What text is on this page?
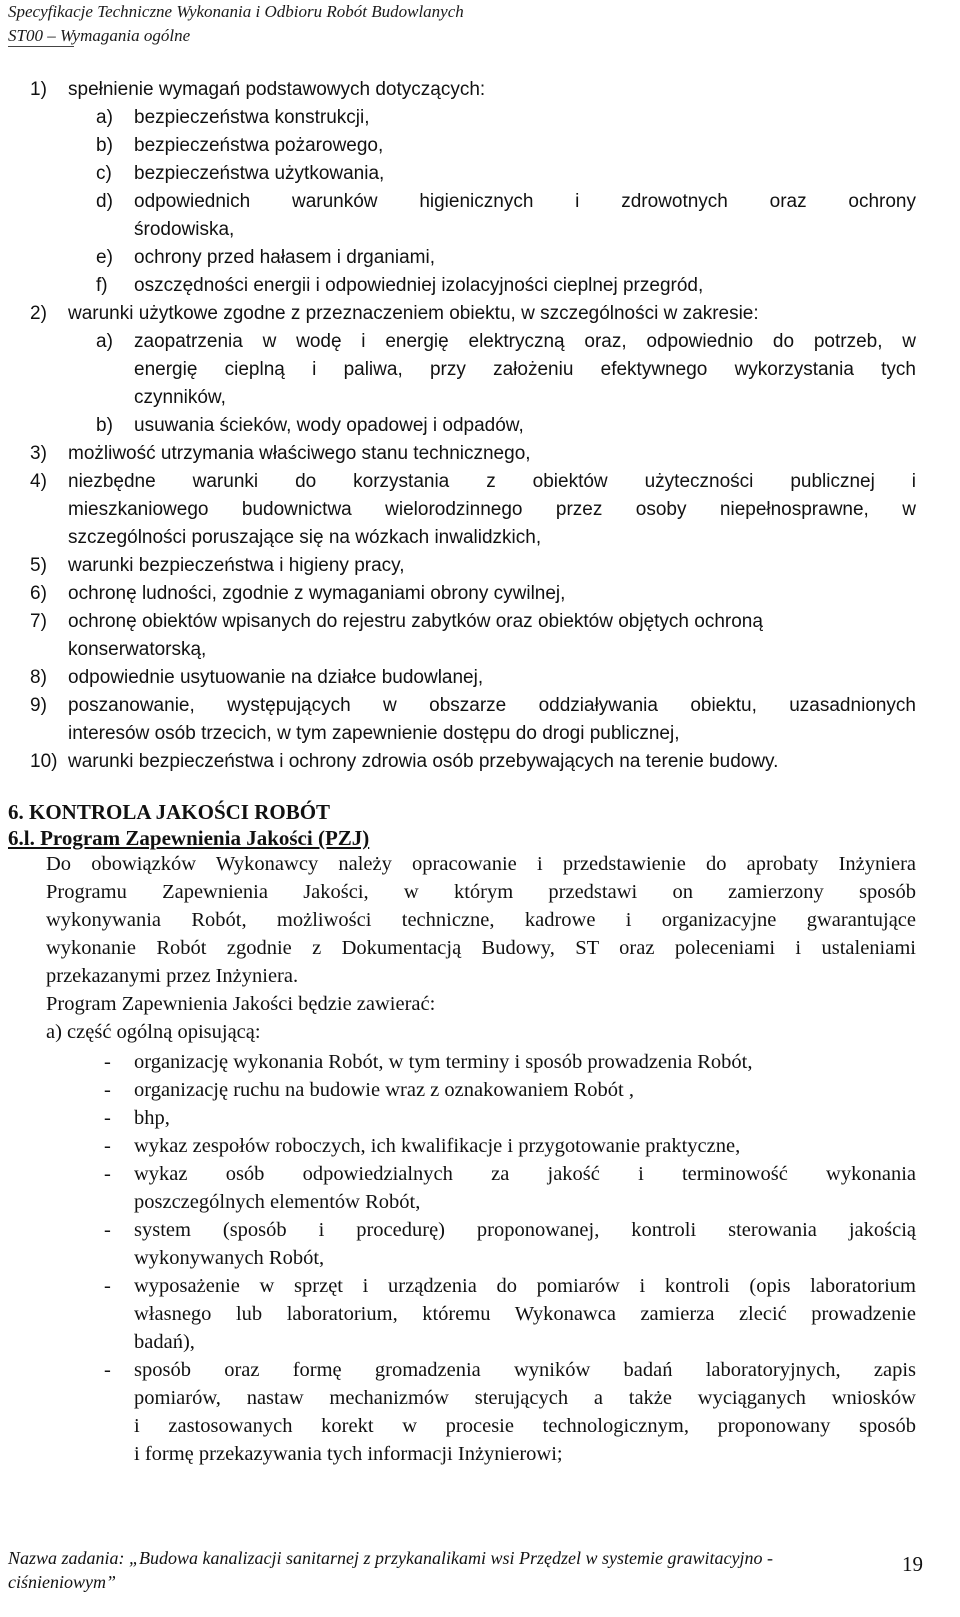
Specyfikacje Techniczne Wykonania i Odbioru Robót Budowlanych
ST00 – Wymagania ogólne
1) spełnienie wymagań podstawowych dotyczących:
a) bezpieczeństwa konstrukcji,
b) bezpieczeństwa pożarowego,
c) bezpieczeństwa użytkowania,
d) odpowiednich warunków higienicznych i zdrowotnych oraz ochrony
środowiska,
e) ochrony przed hałasem i drganiami,
f) oszczędności energii i odpowiedniej izolacyjności cieplnej przegród,
2) warunki użytkowe zgodne z przeznaczeniem obiektu, w szczególności w zakresie:
a) zaopatrzenia w wodę i energię elektryczną oraz, odpowiednio do potrzeb, w
energię cieplną i paliwa, przy założeniu efektywnego wykorzystania tych
czynników,
b) usuwania ścieków, wody opadowej i odpadów,
3) możliwość utrzymania właściwego stanu technicznego,
4) niezbędne warunki do korzystania z obiektów użyteczności publicznej i
mieszkaniowego budownictwa wielorodzinnego przez osoby niepełnosprawne, w
szczególności poruszające się na wózkach inwalidzkich,
5) warunki bezpieczeństwa i higieny pracy,
6) ochronę ludności, zgodnie z wymaganiami obrony cywilnej,
7) ochronę obiektów wpisanych do rejestru zabytków oraz obiektów objętych ochroną
konserwatorską,
8) odpowiednie usytuowanie na działce budowlanej,
9) poszanowanie, występujących w obszarze oddziaływania obiektu, uzasadnionych
interesów osób trzecich, w tym zapewnienie dostępu do drogi publicznej,
10) warunki bezpieczeństwa i ochrony zdrowia osób przebywających na terenie budowy.
6. KONTROLA JAKOŚCI ROBÓT
6.l. Program Zapewnienia Jakości (PZJ)
Do obowiązków Wykonawcy należy opracowanie i przedstawienie do aprobaty Inżyniera
Programu Zapewnienia Jakości, w którym przedstawi on zamierzony sposób
wykonywania Robót, możliwości techniczne, kadrowe i organizacyjne gwarantujące
wykonanie Robót zgodnie z Dokumentacją Budowy, ST oraz poleceniami i ustaleniami
przekazanymi przez Inżyniera.
Program Zapewnienia Jakości będzie zawierać:
a) część ogólną opisującą:
- organizację wykonania Robót, w tym terminy i sposób prowadzenia Robót,
- organizację ruchu na budowie wraz z oznakowaniem Robót ,
- bhp,
- wykaz zespołów roboczych, ich kwalifikacje i przygotowanie praktyczne,
- wykaz osób odpowiedzialnych za jakość i terminowość wykonania
poszczególnych elementów Robót,
- system (sposób i procedurę) proponowanej, kontroli sterowania jakością
wykonywanych Robót,
- wyposażenie w sprzęt i urządzenia do pomiarów i kontroli (opis laboratorium
własnego lub laboratorium, któremu Wykonawca zamierza zlecić prowadzenie
badań),
- sposób oraz formę gromadzenia wyników badań laboratoryjnych, zapis
pomiarów, nastaw mechanizmów sterujących a także wyciąganych wniosków
i zastosowanych korekt w procesie technologicznym, proponowany sposób
i formę przekazywania tych informacji Inżynierowi;
Nazwa zadania: „Budowa kanalizacji sanitarnej z przykanalikami wsi Przędzel w systemie grawitacyjno -
ciśnieniowym”
19
